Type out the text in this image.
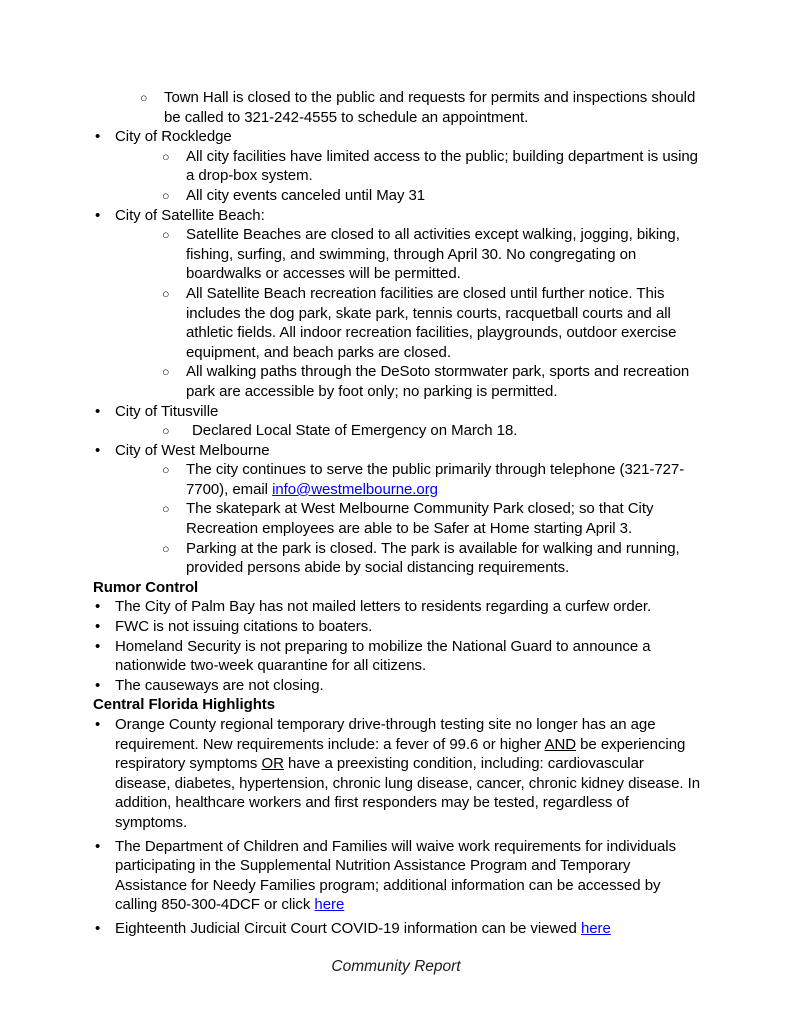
○	Town Hall is closed to the public and requests for permits and inspections should be called to 321-242-4555 to schedule an appointment.
• City of Rockledge
○	All city facilities have limited access to the public; building department is using a drop-box system.
○	All city events canceled until May 31
• City of Satellite Beach:
○	Satellite Beaches are closed to all activities except walking, jogging, biking, fishing, surfing, and swimming, through April 30. No congregating on boardwalks or accesses will be permitted.
○	All Satellite Beach recreation facilities are closed until further notice. This includes the dog park, skate park, tennis courts, racquetball courts and all athletic fields. All indoor recreation facilities, playgrounds, outdoor exercise equipment, and beach parks are closed.
○	All walking paths through the DeSoto stormwater park, sports and recreation park are accessible by foot only; no parking is permitted.
• City of Titusville
○	Declared Local State of Emergency on March 18.
• City of West Melbourne
○	The city continues to serve the public primarily through telephone (321-727-7700), email info@westmelbourne.org
○	The skatepark at West Melbourne Community Park closed; so that City Recreation employees are able to be Safer at Home starting April 3.
○	Parking at the park is closed. The park is available for walking and running, provided persons abide by social distancing requirements.
Rumor Control
• The City of Palm Bay has not mailed letters to residents regarding a curfew order.
• FWC is not issuing citations to boaters.
• Homeland Security is not preparing to mobilize the National Guard to announce a nationwide two-week quarantine for all citizens.
• The causeways are not closing.
Central Florida Highlights
• Orange County regional temporary drive-through testing site no longer has an age requirement. New requirements include: a fever of 99.6 or higher AND be experiencing respiratory symptoms OR have a preexisting condition, including: cardiovascular disease, diabetes, hypertension, chronic lung disease, cancer, chronic kidney disease. In addition, healthcare workers and first responders may be tested, regardless of symptoms.
• The Department of Children and Families will waive work requirements for individuals participating in the Supplemental Nutrition Assistance Program and Temporary Assistance for Needy Families program; additional information can be accessed by calling 850-300-4DCF or click here
• Eighteenth Judicial Circuit Court COVID-19 information can be viewed here
Community Report
